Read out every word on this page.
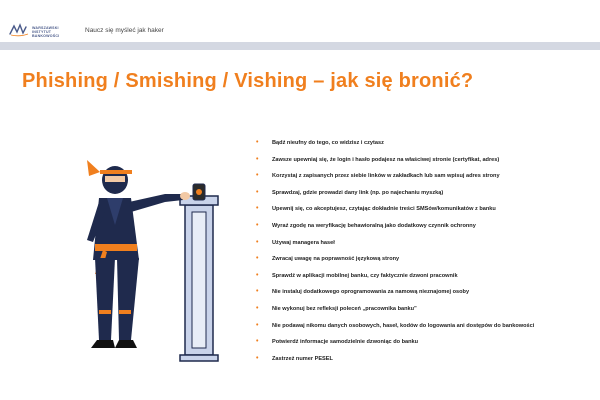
WARSZAWSKI
INSTYTUT
BANKOWOŚCI
Naucz się myśleć jak haker
Phishing / Smishing / Vishing – jak się bronić?
• Bądź nieufny do tego, co widzisz i czytasz
• Zawsze upewniaj się, że login i hasło podajesz na właściwej stronie (certyfikat, adres)
• Korzystaj z zapisanych przez siebie linków w zakładkach lub sam wpisuj adres strony
• Sprawdzaj, gdzie prowadzi dany link (np. po najechaniu myszką)
• Upewnij się, co akceptujesz, czytając dokładnie treści SMSów/komunikatów z banku
• Wyraź zgodę na weryfikację behawioralną jako dodatkowy czynnik ochronny
• Używaj managera haseł
• Zwracaj uwagę na poprawność językową strony
• Sprawdź w aplikacji mobilnej banku, czy faktycznie dzwoni pracownik
• Nie instaluj dodatkowego oprogramowania za namową nieznajomej osoby
• Nie wykonuj bez refleksji poleceń „pracownika banku”
• Nie podawaj nikomu danych osobowych, haseł, kodów do logowania ani dostępów do bankowości
• Potwierdź informacje samodzielnie dzwoniąc do banku
• Zastrzeż numer PESEL
